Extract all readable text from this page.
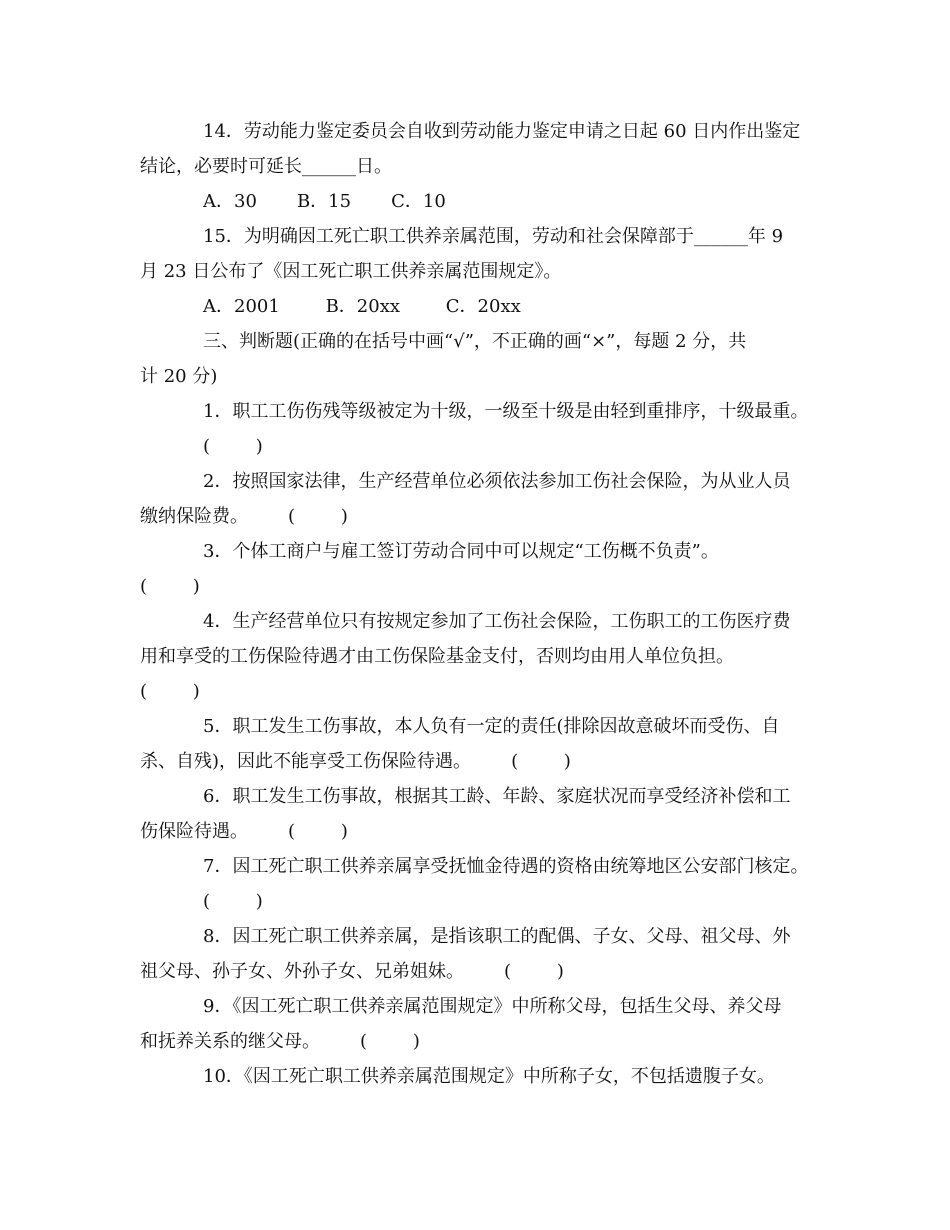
14．劳动能力鉴定委员会自收到劳动能力鉴定申请之日起 60 日内作出鉴定
结论，必要时可延长______日。
A．30       B．15       C．10
15．为明确因工死亡职工供养亲属范围，劳动和社会保障部于______年 9
月 23 日公布了《因工死亡职工供养亲属范围规定》。
A．2001        B．20xx        C．20xx
三、判断题(正确的在括号中画“√”，不正确的画“×”，每题 2 分，共
计 20 分)
1．职工工伤伤残等级被定为十级，一级至十级是由轻到重排序，十级最重。
(        )
2．按照国家法律，生产经营单位必须依法参加工伤社会保险，为从业人员
缴纳保险费。       (        )
3．个体工商户与雇工签订劳动合同中可以规定“工伤概不负责”。
(        )
4．生产经营单位只有按规定参加了工伤社会保险，工伤职工的工伤医疗费
用和享受的工伤保险待遇才由工伤保险基金支付，否则均由用人单位负担。
(        )
5．职工发生工伤事故，本人负有一定的责任(排除因故意破坏而受伤、自
杀、自残)，因此不能享受工伤保险待遇。       (        )
6．职工发生工伤事故，根据其工龄、年龄、家庭状况而享受经济补偿和工
伤保险待遇。       (        )
7．因工死亡职工供养亲属享受抚恤金待遇的资格由统筹地区公安部门核定。
(        )
8．因工死亡职工供养亲属，是指该职工的配偶、子女、父母、祖父母、外
祖父母、孙子女、外孙子女、兄弟姐妹。       (        )
9．《因工死亡职工供养亲属范围规定》中所称父母，包括生父母、养父母
和抚养关系的继父母。       (        )
10．《因工死亡职工供养亲属范围规定》中所称子女，不包括遗腹子女。
